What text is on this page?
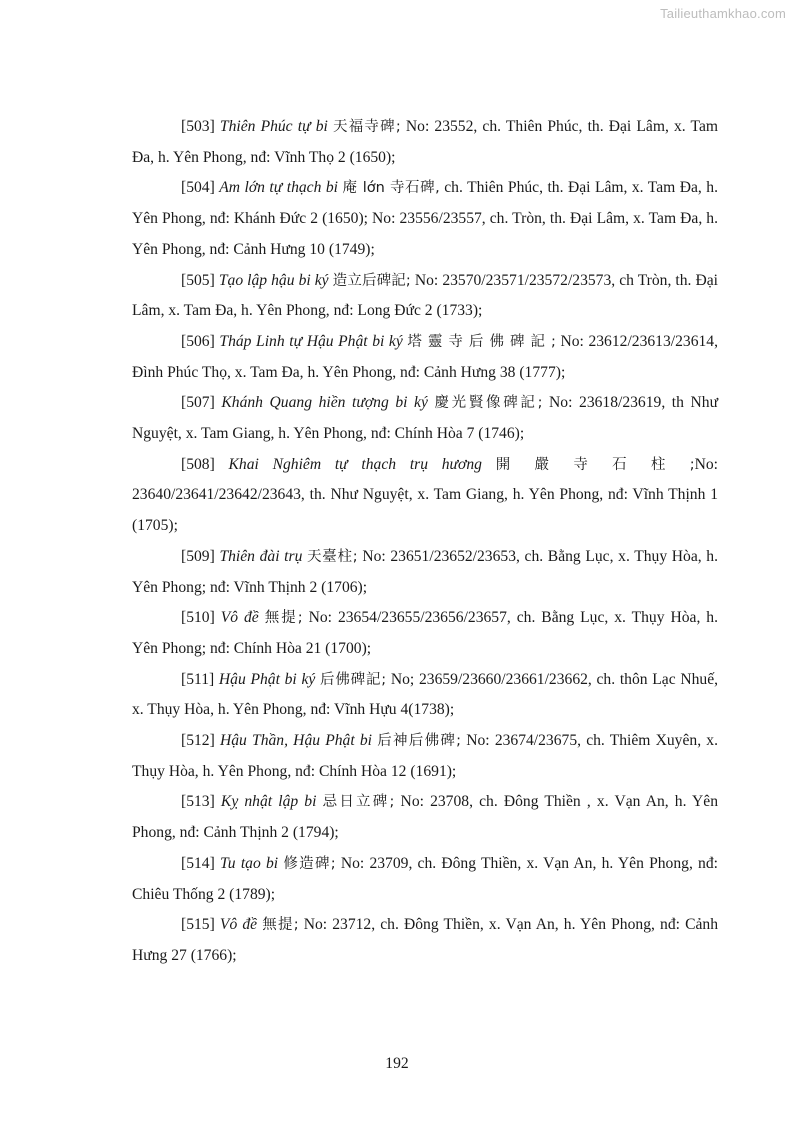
Tailieuthamkhao.com

[503] Thiên Phúc tự bi 天福寺碑; No: 23552, ch. Thiên Phúc, th. Đại Lâm, x. Tam Đa, h. Yên Phong, nđ: Vĩnh Thọ 2 (1650);

[504] Am lớn tự thạch bi 庵 lớn 寺石碑, ch. Thiên Phúc, th. Đại Lâm, x. Tam Đa, h. Yên Phong, nđ: Khánh Đức 2 (1650); No: 23556/23557, ch. Tròn, th. Đại Lâm, x. Tam Đa, h. Yên Phong, nđ: Cảnh Hưng 10 (1749);

[505] Tạo lập hậu bi ký 造立后碑記; No: 23570/23571/23572/23573, ch Tròn, th. Đại Lâm, x. Tam Đa, h. Yên Phong, nđ: Long Đức 2 (1733);

[506] Tháp Linh tự Hậu Phật bi ký 塔 靈 寺 后 佛 碑 記 ; No: 23612/23613/23614, Đình Phúc Thọ, x. Tam Đa, h. Yên Phong, nđ: Cảnh Hưng 38 (1777);

[507] Khánh Quang hiền tượng bi ký 慶光賢像碑記; No: 23618/23619, th Như Nguyệt, x. Tam Giang, h. Yên Phong, nđ: Chính Hòa 7 (1746);

[508] Khai Nghiêm tự thạch trụ hương 開 嚴 寺 石 柱 ;No: 23640/23641/23642/23643, th. Như Nguyệt, x. Tam Giang, h. Yên Phong, nđ: Vĩnh Thịnh 1 (1705);

[509] Thiên đài trụ 天臺柱; No: 23651/23652/23653, ch. Bằng Lục, x. Thụy Hòa, h. Yên Phong; nđ: Vĩnh Thịnh 2 (1706);

[510] Vô đề 無提; No: 23654/23655/23656/23657, ch. Bằng Lục, x. Thụy Hòa, h. Yên Phong; nđ: Chính Hòa 21 (1700);

[511] Hậu Phật bi ký 后佛碑記; No; 23659/23660/23661/23662, ch. thôn Lạc Nhuế, x. Thụy Hòa, h. Yên Phong, nđ: Vĩnh Hựu 4(1738);

[512] Hậu Thần, Hậu Phật bi 后神后佛碑; No: 23674/23675, ch. Thiêm Xuyên, x. Thụy Hòa, h. Yên Phong, nđ: Chính Hòa 12 (1691);

[513] Kỵ nhật lập bi 忌日立碑; No: 23708, ch. Đông Thiền , x. Vạn An, h. Yên Phong, nđ: Cảnh Thịnh 2 (1794);

[514] Tu tạo bi 修造碑; No: 23709, ch. Đông Thiền, x. Vạn An, h. Yên Phong, nđ: Chiêu Thống 2 (1789);

[515] Vô đề 無提; No: 23712, ch. Đông Thiền, x. Vạn An, h. Yên Phong, nđ: Cảnh Hưng 27 (1766);

192
